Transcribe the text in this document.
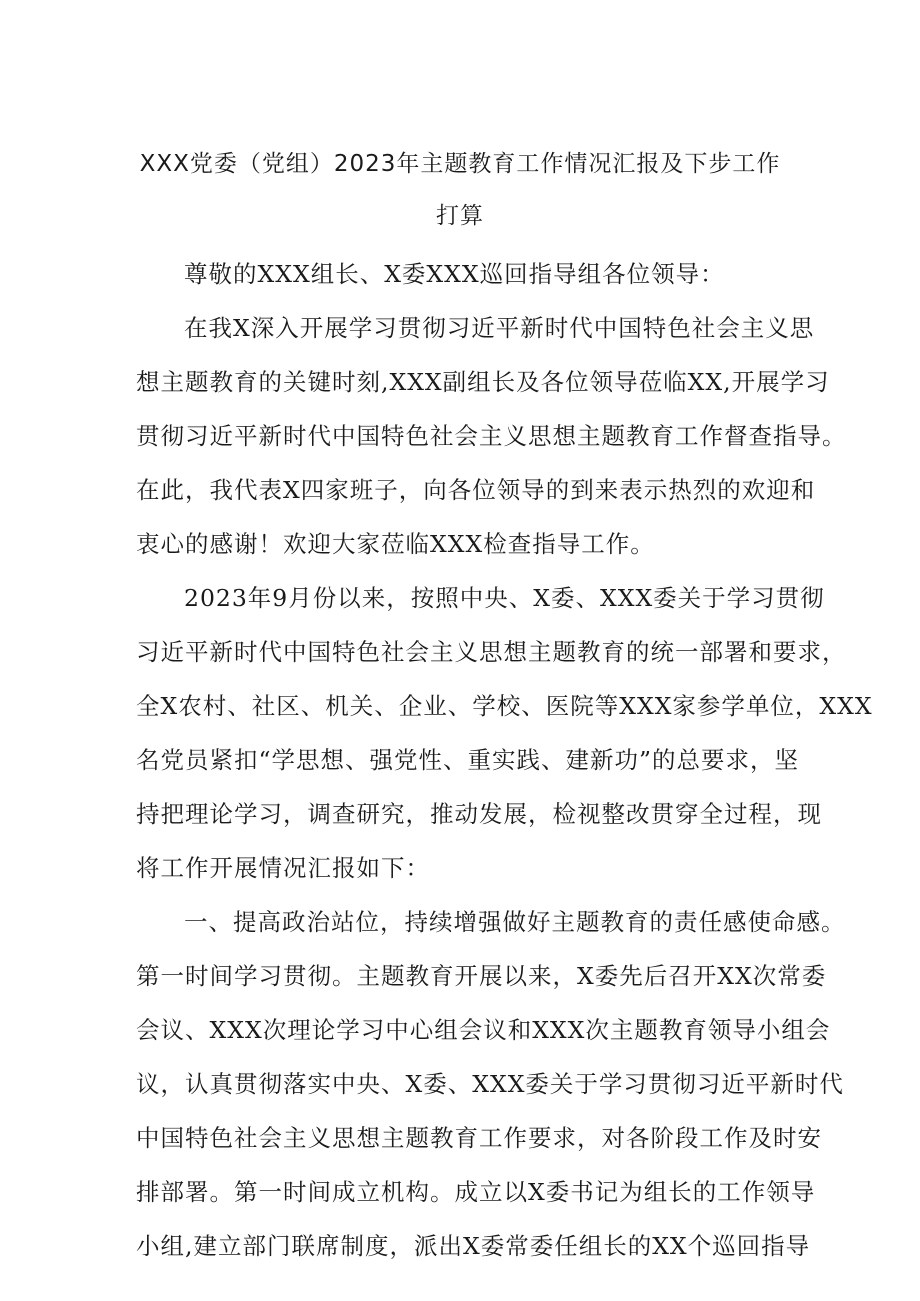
XXX党委（党组）2023年主题教育工作情况汇报及下步工作
打算

尊敬的XXX组长、X委XXX巡回指导组各位领导：

在我X深入开展学习贯彻习近平新时代中国特色社会主义思

想主题教育的关键时刻,XXX副组长及各位领导莅临XX,开展学习

贯彻习近平新时代中国特色社会主义思想主题教育工作督查指导。

在此，我代表X四家班子，向各位领导的到来表示热烈的欢迎和

衷心的感谢！欢迎大家莅临XXX检查指导工作。

2023年9月份以来，按照中央、X委、XXX委关于学习贯彻

习近平新时代中国特色社会主义思想主题教育的统一部署和要求，

全X农村、社区、机关、企业、学校、医院等XXX家参学单位，XXX

名党员紧扣“学思想、强党性、重实践、建新功”的总要求，坚

持把理论学习，调查研究，推动发展，检视整改贯穿全过程，现

将工作开展情况汇报如下：

一、提高政治站位，持续增强做好主题教育的责任感使命感。

第一时间学习贯彻。主题教育开展以来，X委先后召开XX次常委

会议、XXX次理论学习中心组会议和XXX次主题教育领导小组会

议，认真贯彻落实中央、X委、XXX委关于学习贯彻习近平新时代

中国特色社会主义思想主题教育工作要求，对各阶段工作及时安

排部署。第一时间成立机构。成立以X委书记为组长的工作领导

小组,建立部门联席制度，派出X委常委任组长的XX个巡回指导
